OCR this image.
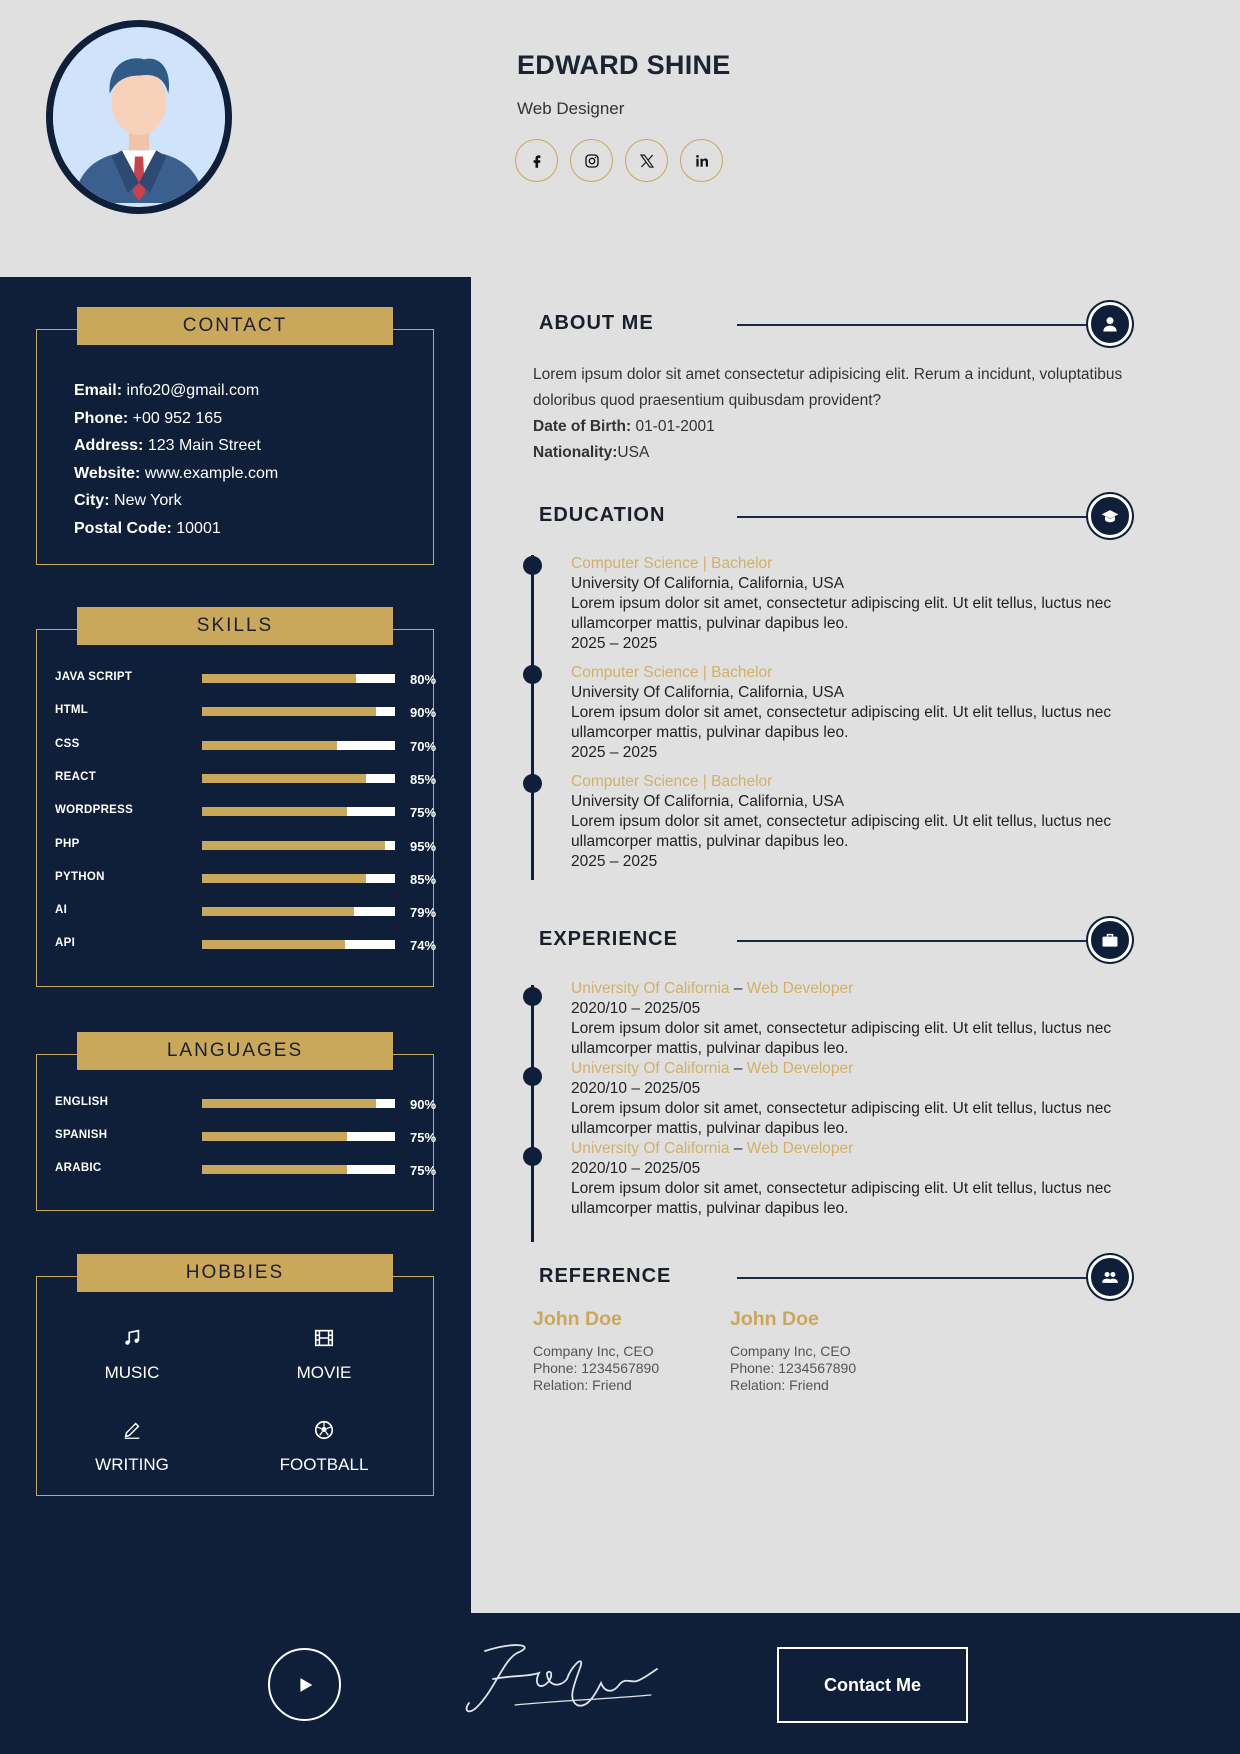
EDWARD SHINE
Web Designer
CONTACT
Email: info20@gmail.com
Phone: +00 952 165
Address: 123 Main Street
Website: www.example.com
City: New York
Postal Code: 10001
SKILLS
JAVA SCRIPT	80%
HTML	90%
CSS	70%
REACT	85%
WORDPRESS	75%
PHP	95%
PYTHON	85%
AI	79%
API	74%
LANGUAGES
ENGLISH	90%
SPANISH	75%
ARABIC	75%
HOBBIES
MUSIC	MOVIE
WRITING	FOOTBALL
ABOUT ME
Lorem ipsum dolor sit amet consectetur adipisicing elit. Rerum a incidunt, voluptatibus doloribus quod praesentium quibusdam provident?
Date of Birth: 01-01-2001
Nationality:USA
EDUCATION
Computer Science | Bachelor
University Of California, California, USA
Lorem ipsum dolor sit amet, consectetur adipiscing elit. Ut elit tellus, luctus nec ullamcorper mattis, pulvinar dapibus leo.
2025 – 2025
Computer Science | Bachelor
University Of California, California, USA
Lorem ipsum dolor sit amet, consectetur adipiscing elit. Ut elit tellus, luctus nec ullamcorper mattis, pulvinar dapibus leo.
2025 – 2025
Computer Science | Bachelor
University Of California, California, USA
Lorem ipsum dolor sit amet, consectetur adipiscing elit. Ut elit tellus, luctus nec ullamcorper mattis, pulvinar dapibus leo.
2025 – 2025
EXPERIENCE
University Of California – Web Developer
2020/10 – 2025/05
Lorem ipsum dolor sit amet, consectetur adipiscing elit. Ut elit tellus, luctus nec ullamcorper mattis, pulvinar dapibus leo.
University Of California – Web Developer
2020/10 – 2025/05
Lorem ipsum dolor sit amet, consectetur adipiscing elit. Ut elit tellus, luctus nec ullamcorper mattis, pulvinar dapibus leo.
University Of California – Web Developer
2020/10 – 2025/05
Lorem ipsum dolor sit amet, consectetur adipiscing elit. Ut elit tellus, luctus nec ullamcorper mattis, pulvinar dapibus leo.
REFERENCE
John Doe
Company Inc, CEO
Phone: 1234567890
Relation: Friend
John Doe
Company Inc, CEO
Phone: 1234567890
Relation: Friend
Contact Me
